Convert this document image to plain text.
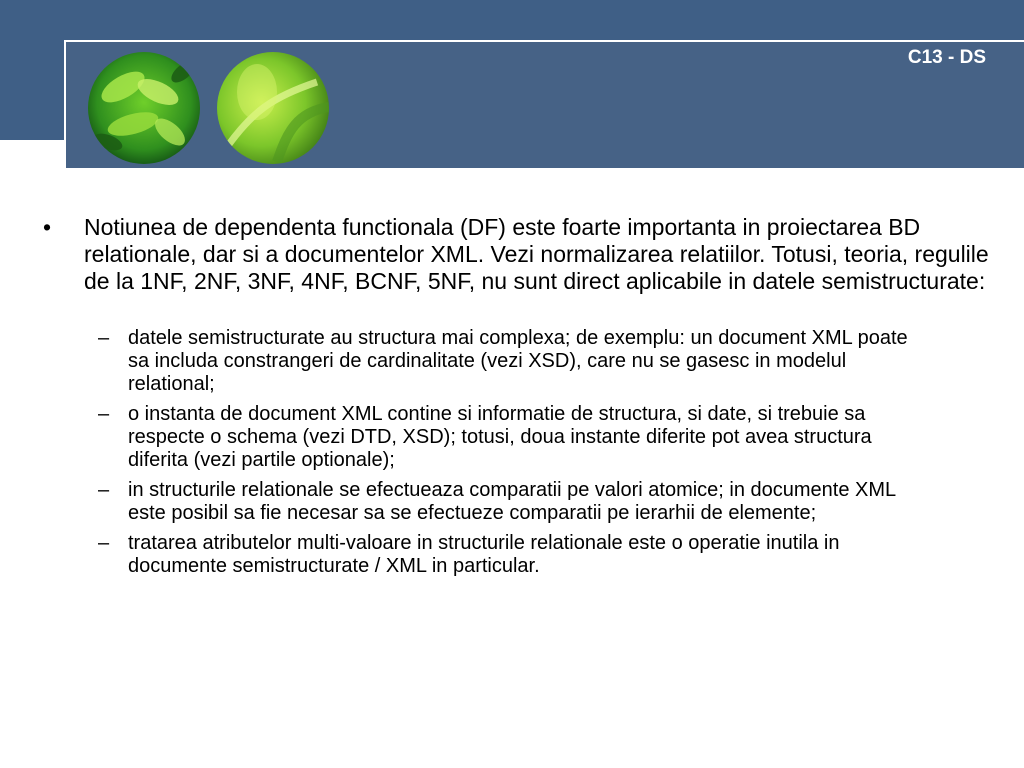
C13 - DS
• Notiunea de dependenta functionala (DF) este foarte importanta in proiectarea BD relationale, dar si a documentelor XML. Vezi normalizarea relatiilor. Totusi, teoria, regulile de la 1NF, 2NF, 3NF, 4NF, BCNF, 5NF, nu sunt direct aplicabile in datele semistructurate:
– datele semistructurate au structura mai complexa; de exemplu: un document XML poate sa includa constrangeri de cardinalitate (vezi XSD), care nu se gasesc in modelul relational;
– o instanta de document XML contine si informatie de structura, si date, si trebuie sa respecte o schema (vezi DTD, XSD); totusi, doua instante diferite pot avea structura diferita (vezi partile optionale);
– in structurile relationale se efectueaza comparatii pe valori atomice; in documente XML este posibil sa fie necesar sa se efectueze comparatii pe ierarhii de elemente;
– tratarea atributelor multi-valoare in structurile relationale este o operatie inutila in documente semistructurate / XML in particular.
